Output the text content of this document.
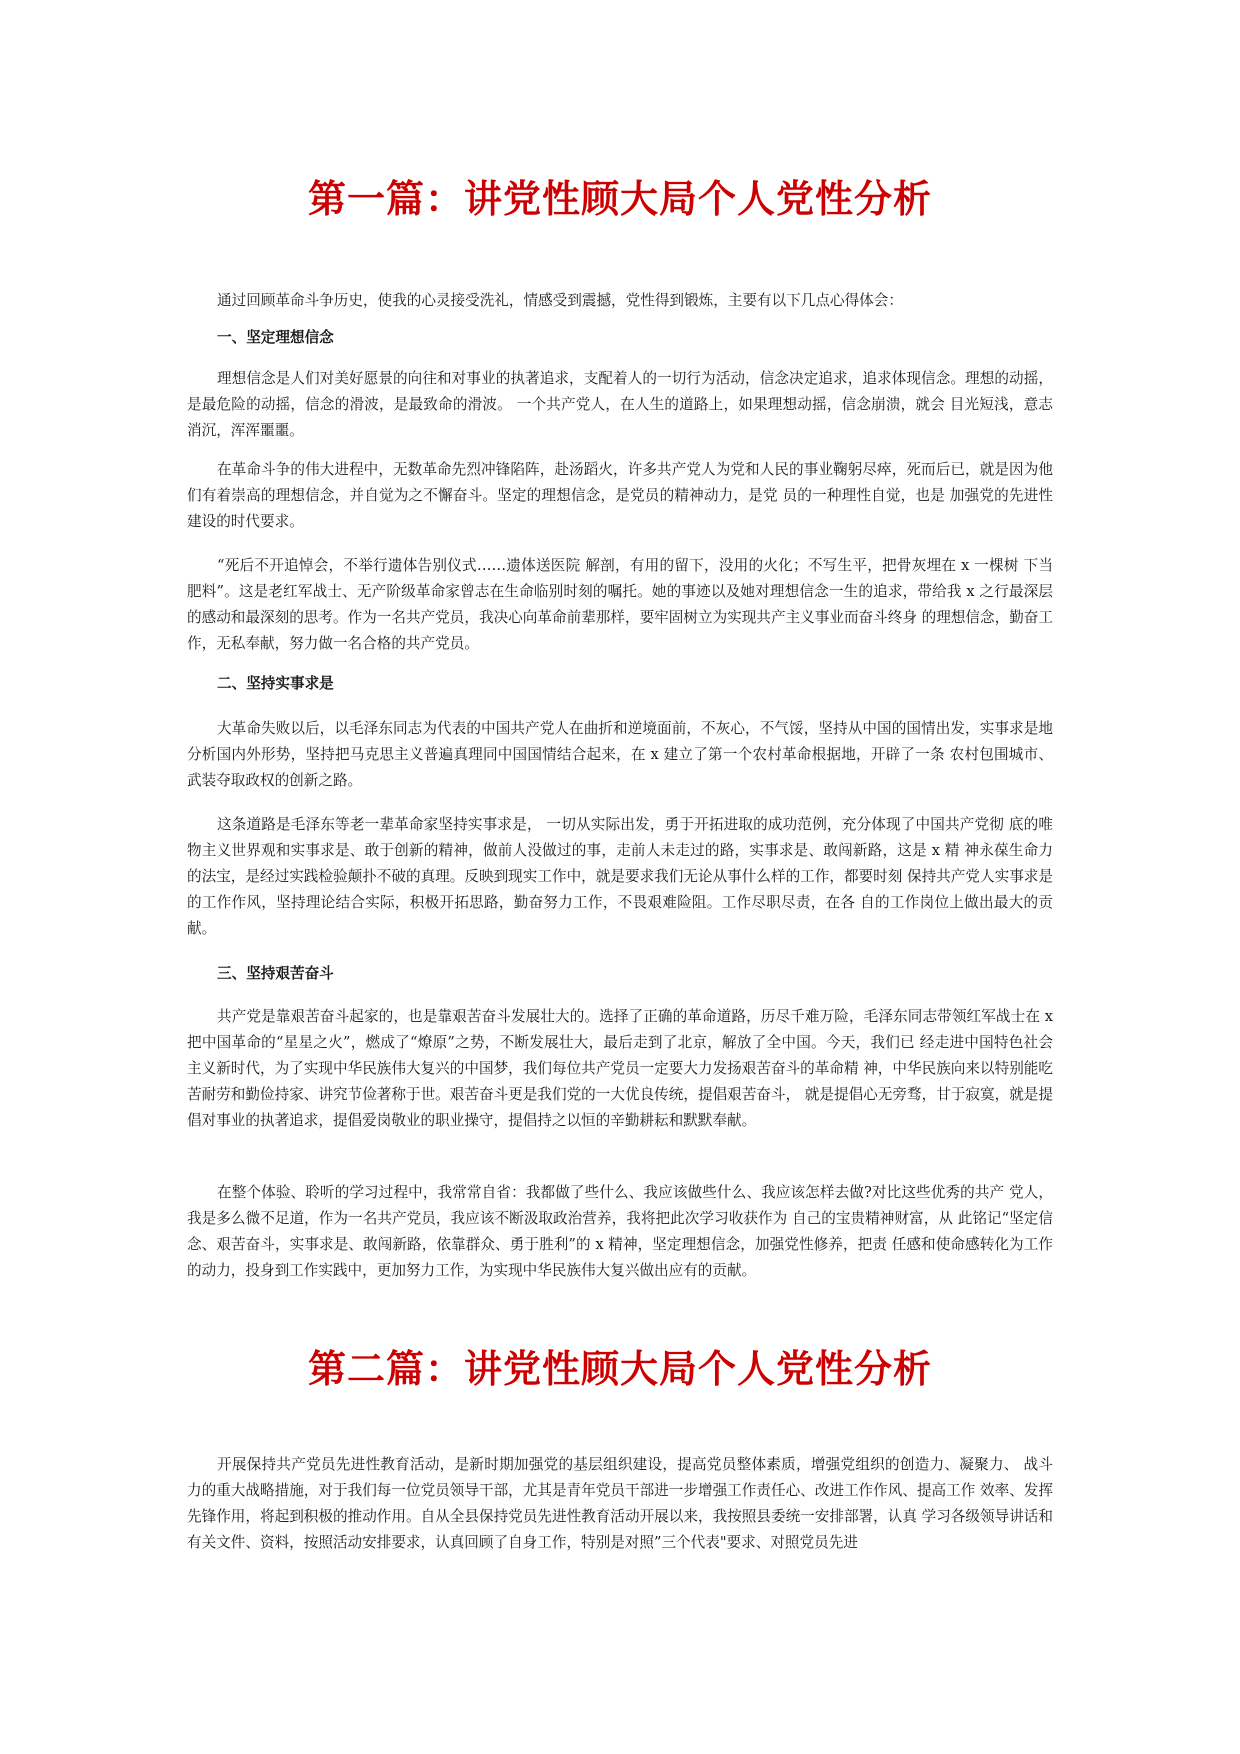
第一篇：讲党性顾大局个人党性分析
通过回顾革命斗争历史，使我的心灵接受洗礼，情感受到震撼，党性得到锻炼，主要有以下几点心得体会：
一、坚定理想信念
理想信念是人们对美好愿景的向往和对事业的执著追求，支配着人的一切行为活动，信念决定追求，追求体现信念。理想的动摇，是最危险的动摇，信念的滑波，是最致命的滑波。 一个共产党人，在人生的道路上，如果理想动摇，信念崩溃，就会 目光短浅，意志消沉，浑浑噩噩。
在革命斗争的伟大进程中，无数革命先烈冲锋陷阵，赴汤蹈火，许多共产党人为党和人民的事业鞠躬尽瘁，死而后已，就是因为他们有着崇高的理想信念，并自觉为之不懈奋斗。坚定的理想信念，是党员的精神动力，是党 员的一种理性自觉，也是 加强党的先进性建设的时代要求。
“死后不开追悼会，不举行遗体告别仪式……遗体送医院 解剖，有用的留下，没用的火化；不写生平，把骨灰埋在 x 一棵树 下当肥料”。这是老红军战士、无产阶级革命家曾志在生命临别时刻的嘱托。她的事迹以及她对理想信念一生的追求，带给我 x 之行最深层的感动和最深刻的思考。作为一名共产党员，我决心向革命前辈那样，要牢固树立为实现共产主义事业而奋斗终身 的理想信念，勤奋工作，无私奉献，努力做一名合格的共产党员。
二、坚持实事求是
大革命失败以后，以毛泽东同志为代表的中国共产党人在曲折和逆境面前，不灰心，不气馁，坚持从中国的国情出发，实事求是地分析国内外形势，坚持把马克思主义普遍真理同中国国情结合起来，在 x 建立了第一个农村革命根据地，开辟了一条 农村包围城市、武装夺取政权的创新之路。
这条道路是毛泽东等老一辈革命家坚持实事求是， 一切从实际出发，勇于开拓进取的成功范例，充分体现了中国共产党彻 底的唯物主义世界观和实事求是、敢于创新的精神，做前人没做过的事，走前人未走过的路，实事求是、敢闯新路，这是 x 精 神永葆生命力的法宝，是经过实践检验颠扑不破的真理。反映到现实工作中，就是要求我们无论从事什么样的工作，都要时刻 保持共产党人实事求是的工作作风，坚持理论结合实际，积极开拓思路，勤奋努力工作，不畏艰难险阻。工作尽职尽责，在各 自的工作岗位上做出最大的贡献。
三、坚持艰苦奋斗
共产党是靠艰苦奋斗起家的，也是靠艰苦奋斗发展壮大的。选择了正确的革命道路，历尽千难万险，毛泽东同志带领红军战士在 x 把中国革命的“星星之火”，燃成了“燎原”之势，不断发展壮大，最后走到了北京，解放了全中国。今天，我们已 经走进中国特色社会主义新时代，为了实现中华民族伟大复兴的中国梦，我们每位共产党员一定要大力发扬艰苦奋斗的革命精 神，中华民族向来以特别能吃苦耐劳和勤俭持家、讲究节俭著称于世。艰苦奋斗更是我们党的一大优良传统，提倡艰苦奋斗， 就是提倡心无旁骛，甘于寂寞，就是提倡对事业的执著追求，提倡爱岗敬业的职业操守，提倡持之以恒的辛勤耕耘和默默奉献。
在整个体验、聆听的学习过程中，我常常自省：我都做了些什么、我应该做些什么、我应该怎样去做?对比这些优秀的共产 党人，我是多么微不足道，作为一名共产党员，我应该不断汲取政治营养，我将把此次学习收获作为 自己的宝贵精神财富，从 此铭记“坚定信念、艰苦奋斗，实事求是、敢闯新路，依靠群众、勇于胜利”的 x 精神，坚定理想信念，加强党性修养，把责 任感和使命感转化为工作的动力，投身到工作实践中，更加努力工作，为实现中华民族伟大复兴做出应有的贡献。
第二篇：讲党性顾大局个人党性分析
开展保持共产党员先进性教育活动，是新时期加强党的基层组织建设，提高党员整体素质，增强党组织的创造力、凝聚力、 战斗力的重大战略措施，对于我们每一位党员领导干部，尤其是青年党员干部进一步增强工作责任心、改进工作作风、提高工作 效率、发挥先锋作用，将起到积极的推动作用。自从全县保持党员先进性教育活动开展以来，我按照县委统一安排部署，认真 学习各级领导讲话和有关文件、资料，按照活动安排要求，认真回顾了自身工作，特别是对照”三个代表"要求、对照党员先进
